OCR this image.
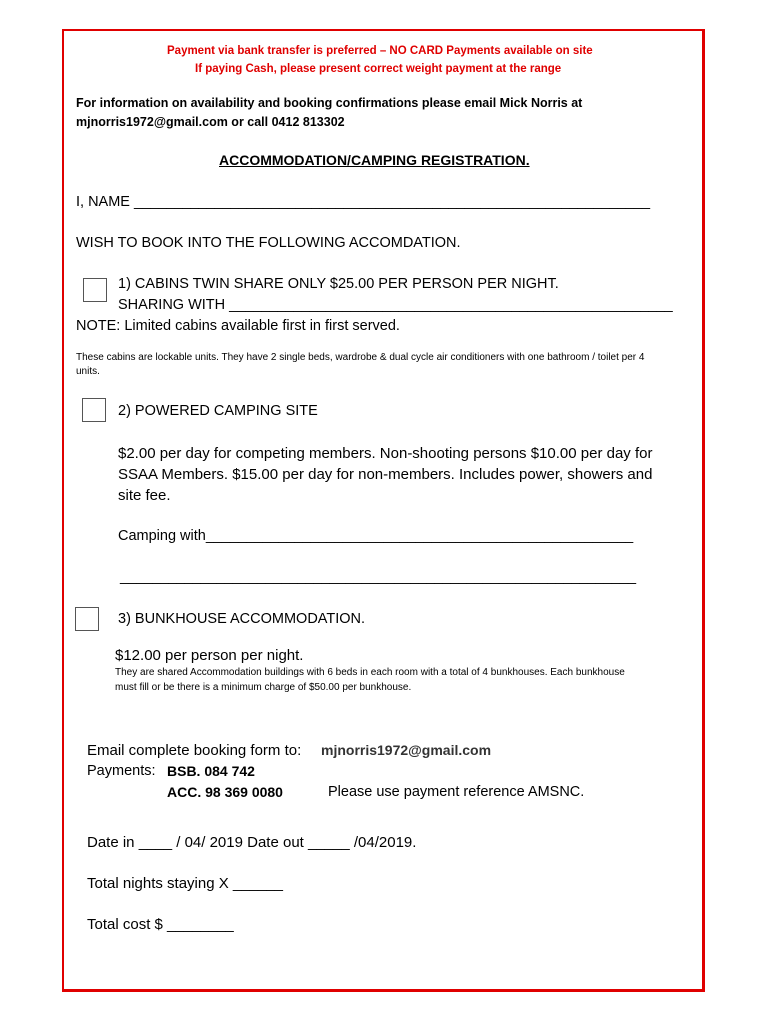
Payment via bank transfer is preferred – NO CARD Payments available on site
If paying Cash, please present correct weight payment at the range
For information on availability and booking confirmations please email Mick Norris at
mjnorris1972@gmail.com or call 0412 813302
ACCOMMODATION/CAMPING REGISTRATION.
I, NAME ________________________________________________________________
WISH TO BOOK INTO THE FOLLOWING ACCOMDATION.
1) CABINS TWIN SHARE ONLY $25.00 PER PERSON PER NIGHT.
SHARING WITH _______________________________________________________
NOTE: Limited cabins available first in first served.
These cabins are lockable units. They have 2 single beds, wardrobe & dual cycle air conditioners with one bathroom / toilet per 4
units.
2) POWERED CAMPING SITE
$2.00 per day for competing members. Non-shooting persons $10.00 per day for
SSAA Members. $15.00 per day for non-members. Includes power, showers and
site fee.
Camping with_____________________________________________________
________________________________________________________________
3) BUNKHOUSE ACCOMMODATION.
$12.00 per person per night.
They are shared Accommodation buildings with 6 beds in each room with a total of 4 bunkhouses. Each bunkhouse
must fill or be there is a minimum charge of $50.00 per bunkhouse.
Email complete booking form to: mjnorris1972@gmail.com
Payments: BSB. 084 742
ACC. 98 369 0080	Please use payment reference AMSNC.
Date in ____ / 04/ 2019 Date out _____ /04/2019.
Total nights staying X ______
Total cost $ ________
